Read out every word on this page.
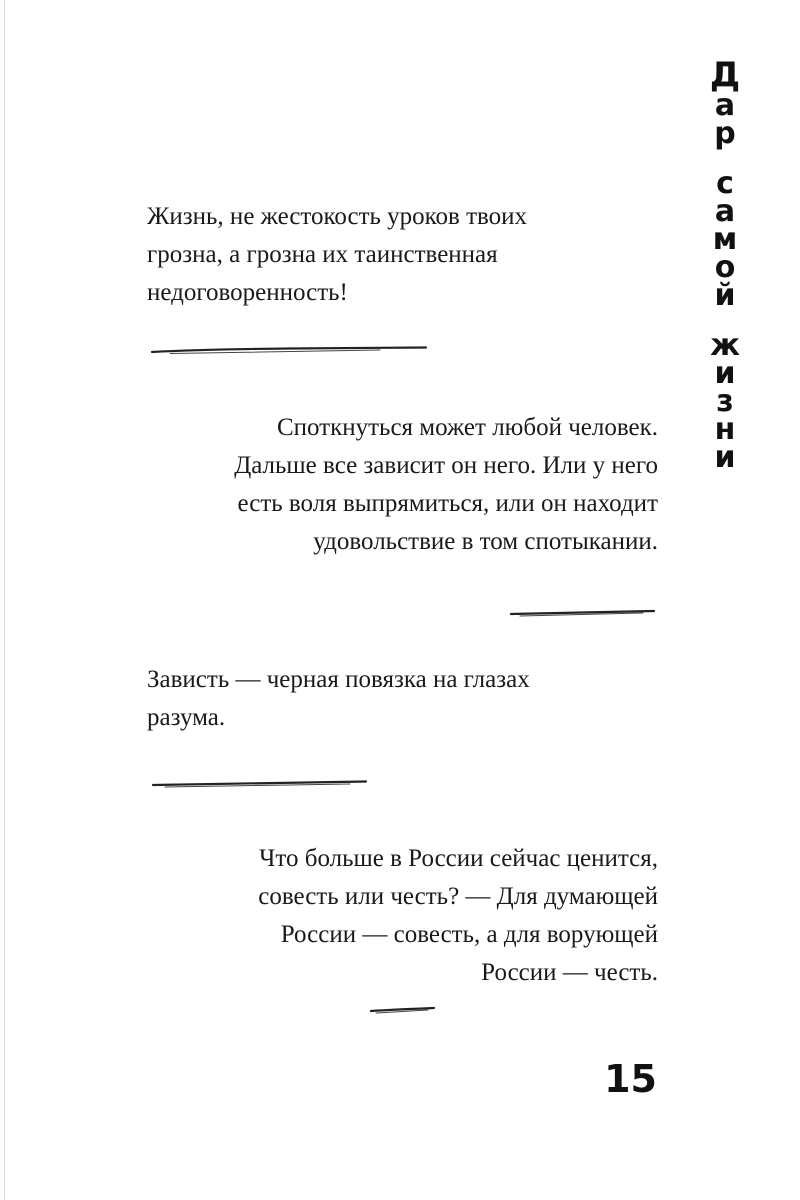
Жизнь, не жестокость уроков твоих
грозна, а грозна их таинственная
недоговоренность!
Споткнуться может любой человек.
Дальше все зависит он него. Или у него
есть воля выпрямиться, или он находит
удовольствие в том спотыкании.
Зависть — черная повязка на глазах
разума.
Что больше в России сейчас ценится,
совесть или честь? — Для думающей
России — совесть, а для ворующей
России — честь.
Д
а
р
с
а
м
о
й
ж
и
з
н
и
15
